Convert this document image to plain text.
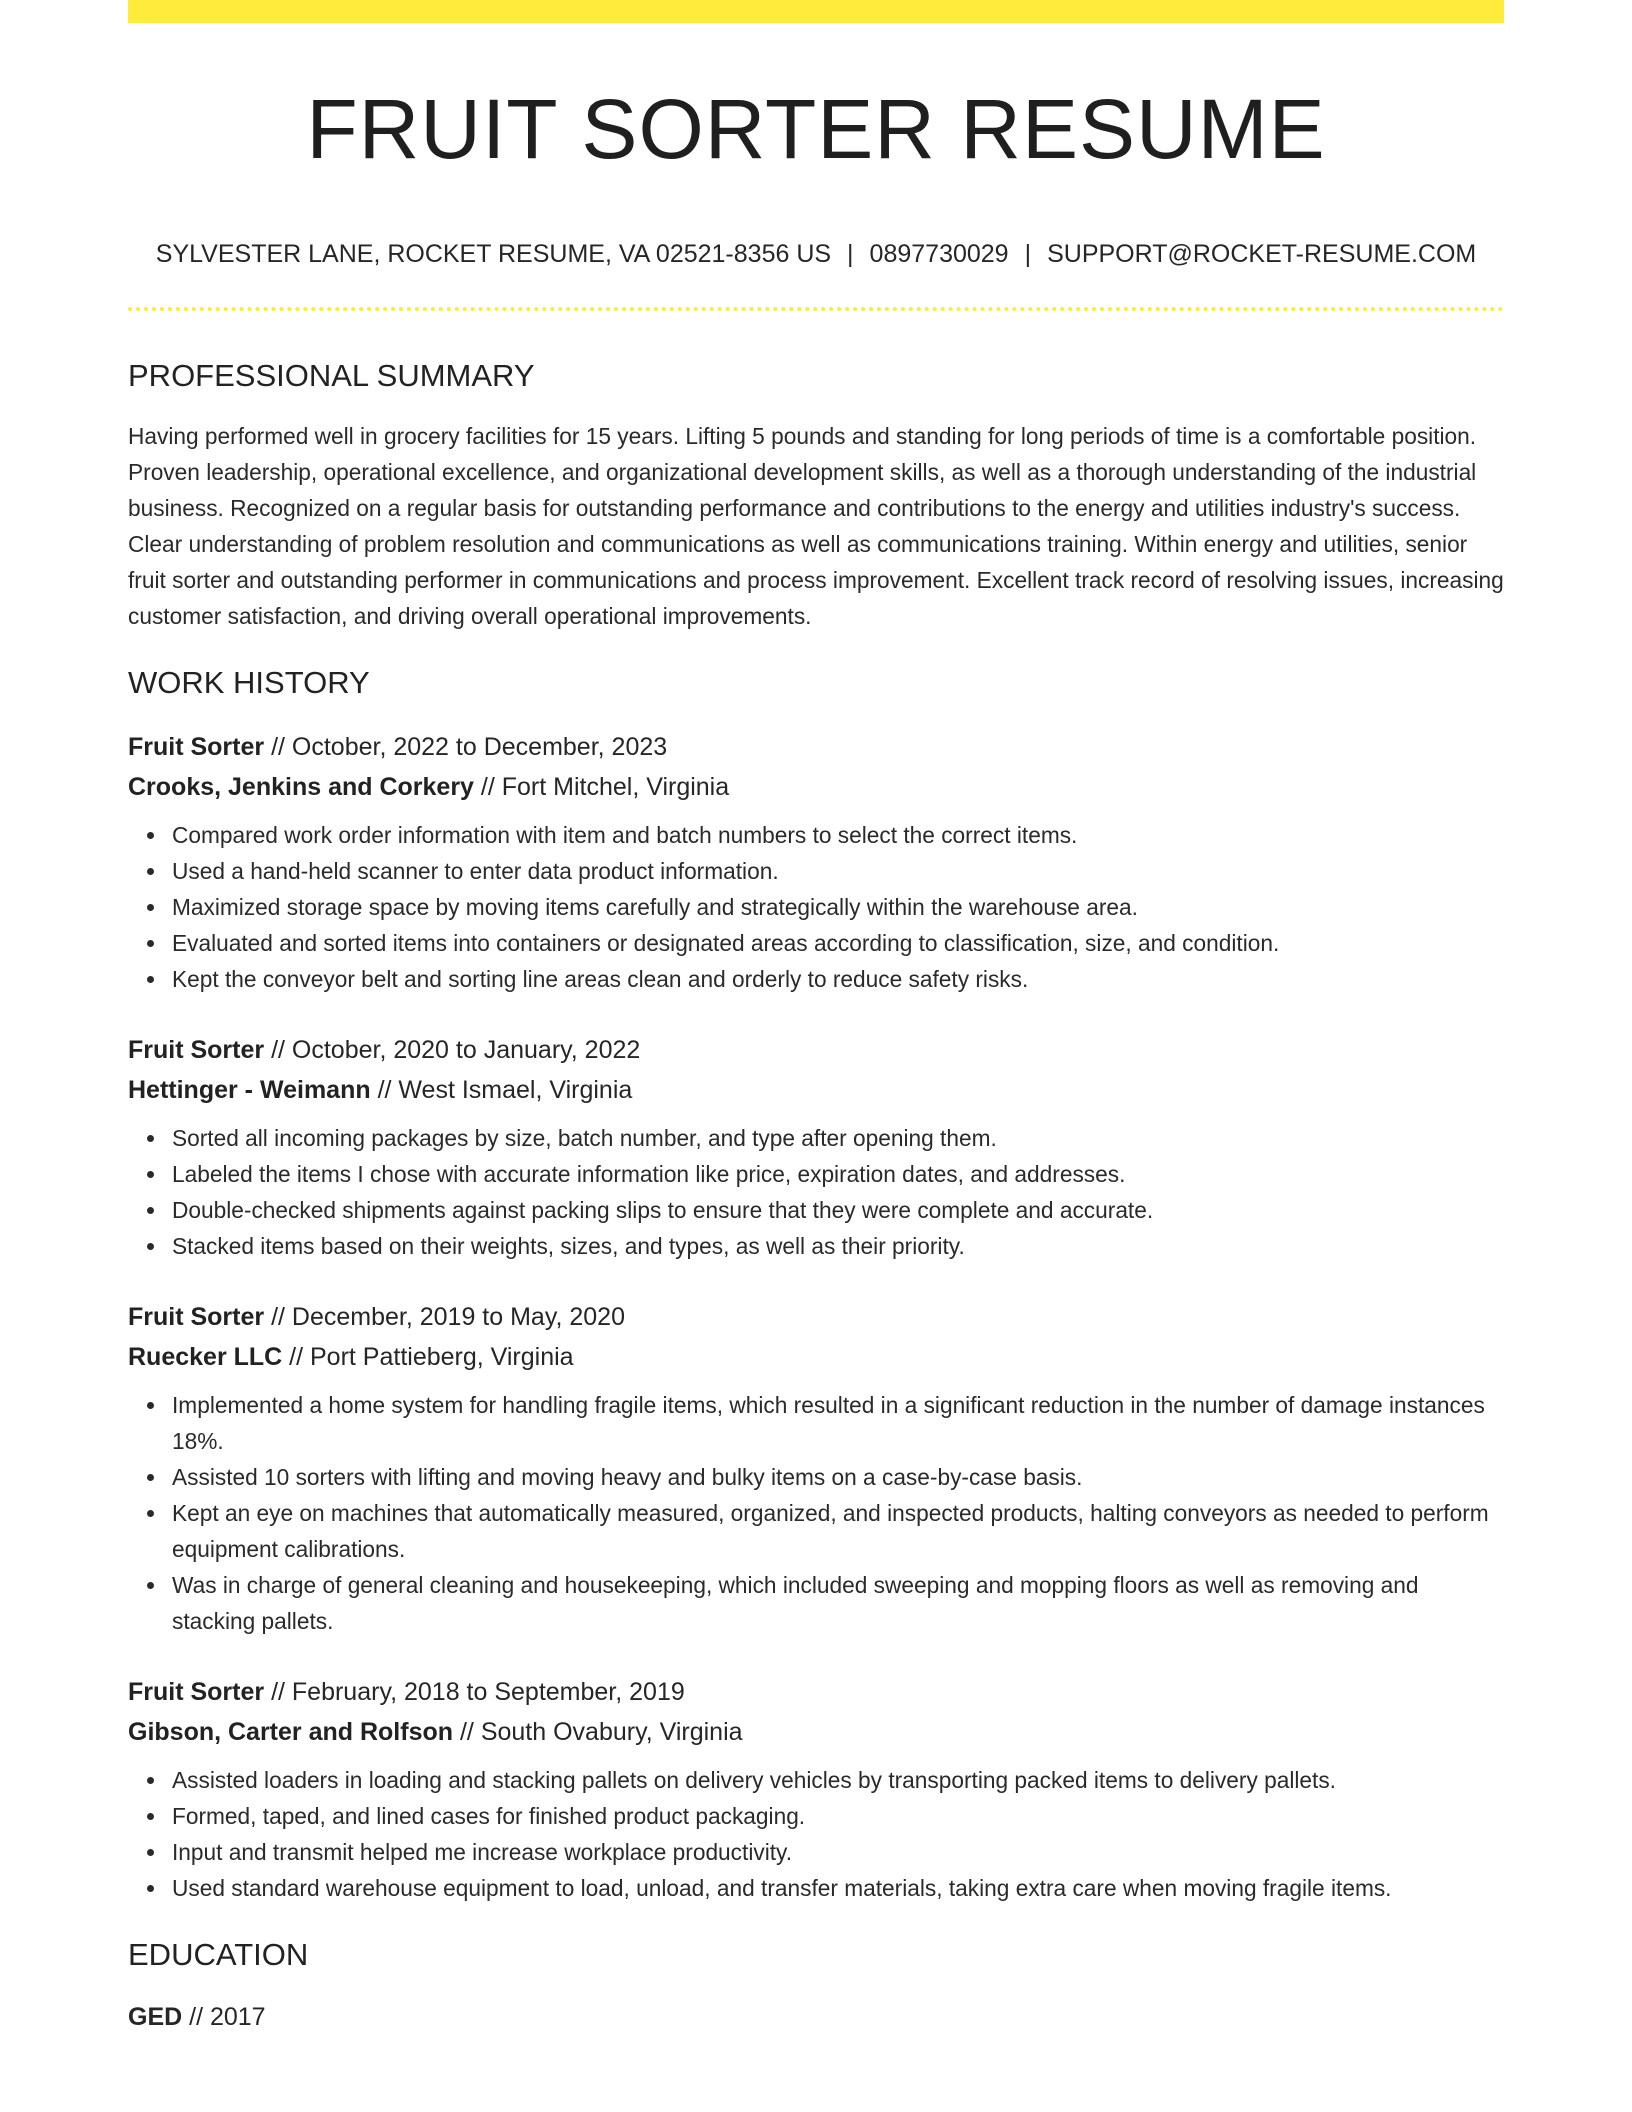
FRUIT SORTER RESUME
SYLVESTER LANE, ROCKET RESUME, VA 02521-8356 US | 0897730029 | SUPPORT@ROCKET-RESUME.COM
PROFESSIONAL SUMMARY

Having performed well in grocery facilities for 15 years. Lifting 5 pounds and standing for long periods of time is a comfortable position. Proven leadership, operational excellence, and organizational development skills, as well as a thorough understanding of the industrial business. Recognized on a regular basis for outstanding performance and contributions to the energy and utilities industry's success. Clear understanding of problem resolution and communications as well as communications training. Within energy and utilities, senior fruit sorter and outstanding performer in communications and process improvement. Excellent track record of resolving issues, increasing customer satisfaction, and driving overall operational improvements.

WORK HISTORY
Fruit Sorter // October, 2022 to December, 2023
Crooks, Jenkins and Corkery // Fort Mitchel, Virginia
Compared work order information with item and batch numbers to select the correct items.
Used a hand-held scanner to enter data product information.
Maximized storage space by moving items carefully and strategically within the warehouse area.
Evaluated and sorted items into containers or designated areas according to classification, size, and condition.
Kept the conveyor belt and sorting line areas clean and orderly to reduce safety risks.
Fruit Sorter // October, 2020 to January, 2022
Hettinger - Weimann // West Ismael, Virginia
Sorted all incoming packages by size, batch number, and type after opening them.
Labeled the items I chose with accurate information like price, expiration dates, and addresses.
Double-checked shipments against packing slips to ensure that they were complete and accurate.
Stacked items based on their weights, sizes, and types, as well as their priority.
Fruit Sorter // December, 2019 to May, 2020
Ruecker LLC // Port Pattieberg, Virginia
Implemented a home system for handling fragile items, which resulted in a significant reduction in the number of damage instances 18%.
Assisted 10 sorters with lifting and moving heavy and bulky items on a case-by-case basis.
Kept an eye on machines that automatically measured, organized, and inspected products, halting conveyors as needed to perform equipment calibrations.
Was in charge of general cleaning and housekeeping, which included sweeping and mopping floors as well as removing and stacking pallets.
Fruit Sorter // February, 2018 to September, 2019
Gibson, Carter and Rolfson // South Ovabury, Virginia
Assisted loaders in loading and stacking pallets on delivery vehicles by transporting packed items to delivery pallets.
Formed, taped, and lined cases for finished product packaging.
Input and transmit helped me increase workplace productivity.
Used standard warehouse equipment to load, unload, and transfer materials, taking extra care when moving fragile items.
EDUCATION
GED // 2017
